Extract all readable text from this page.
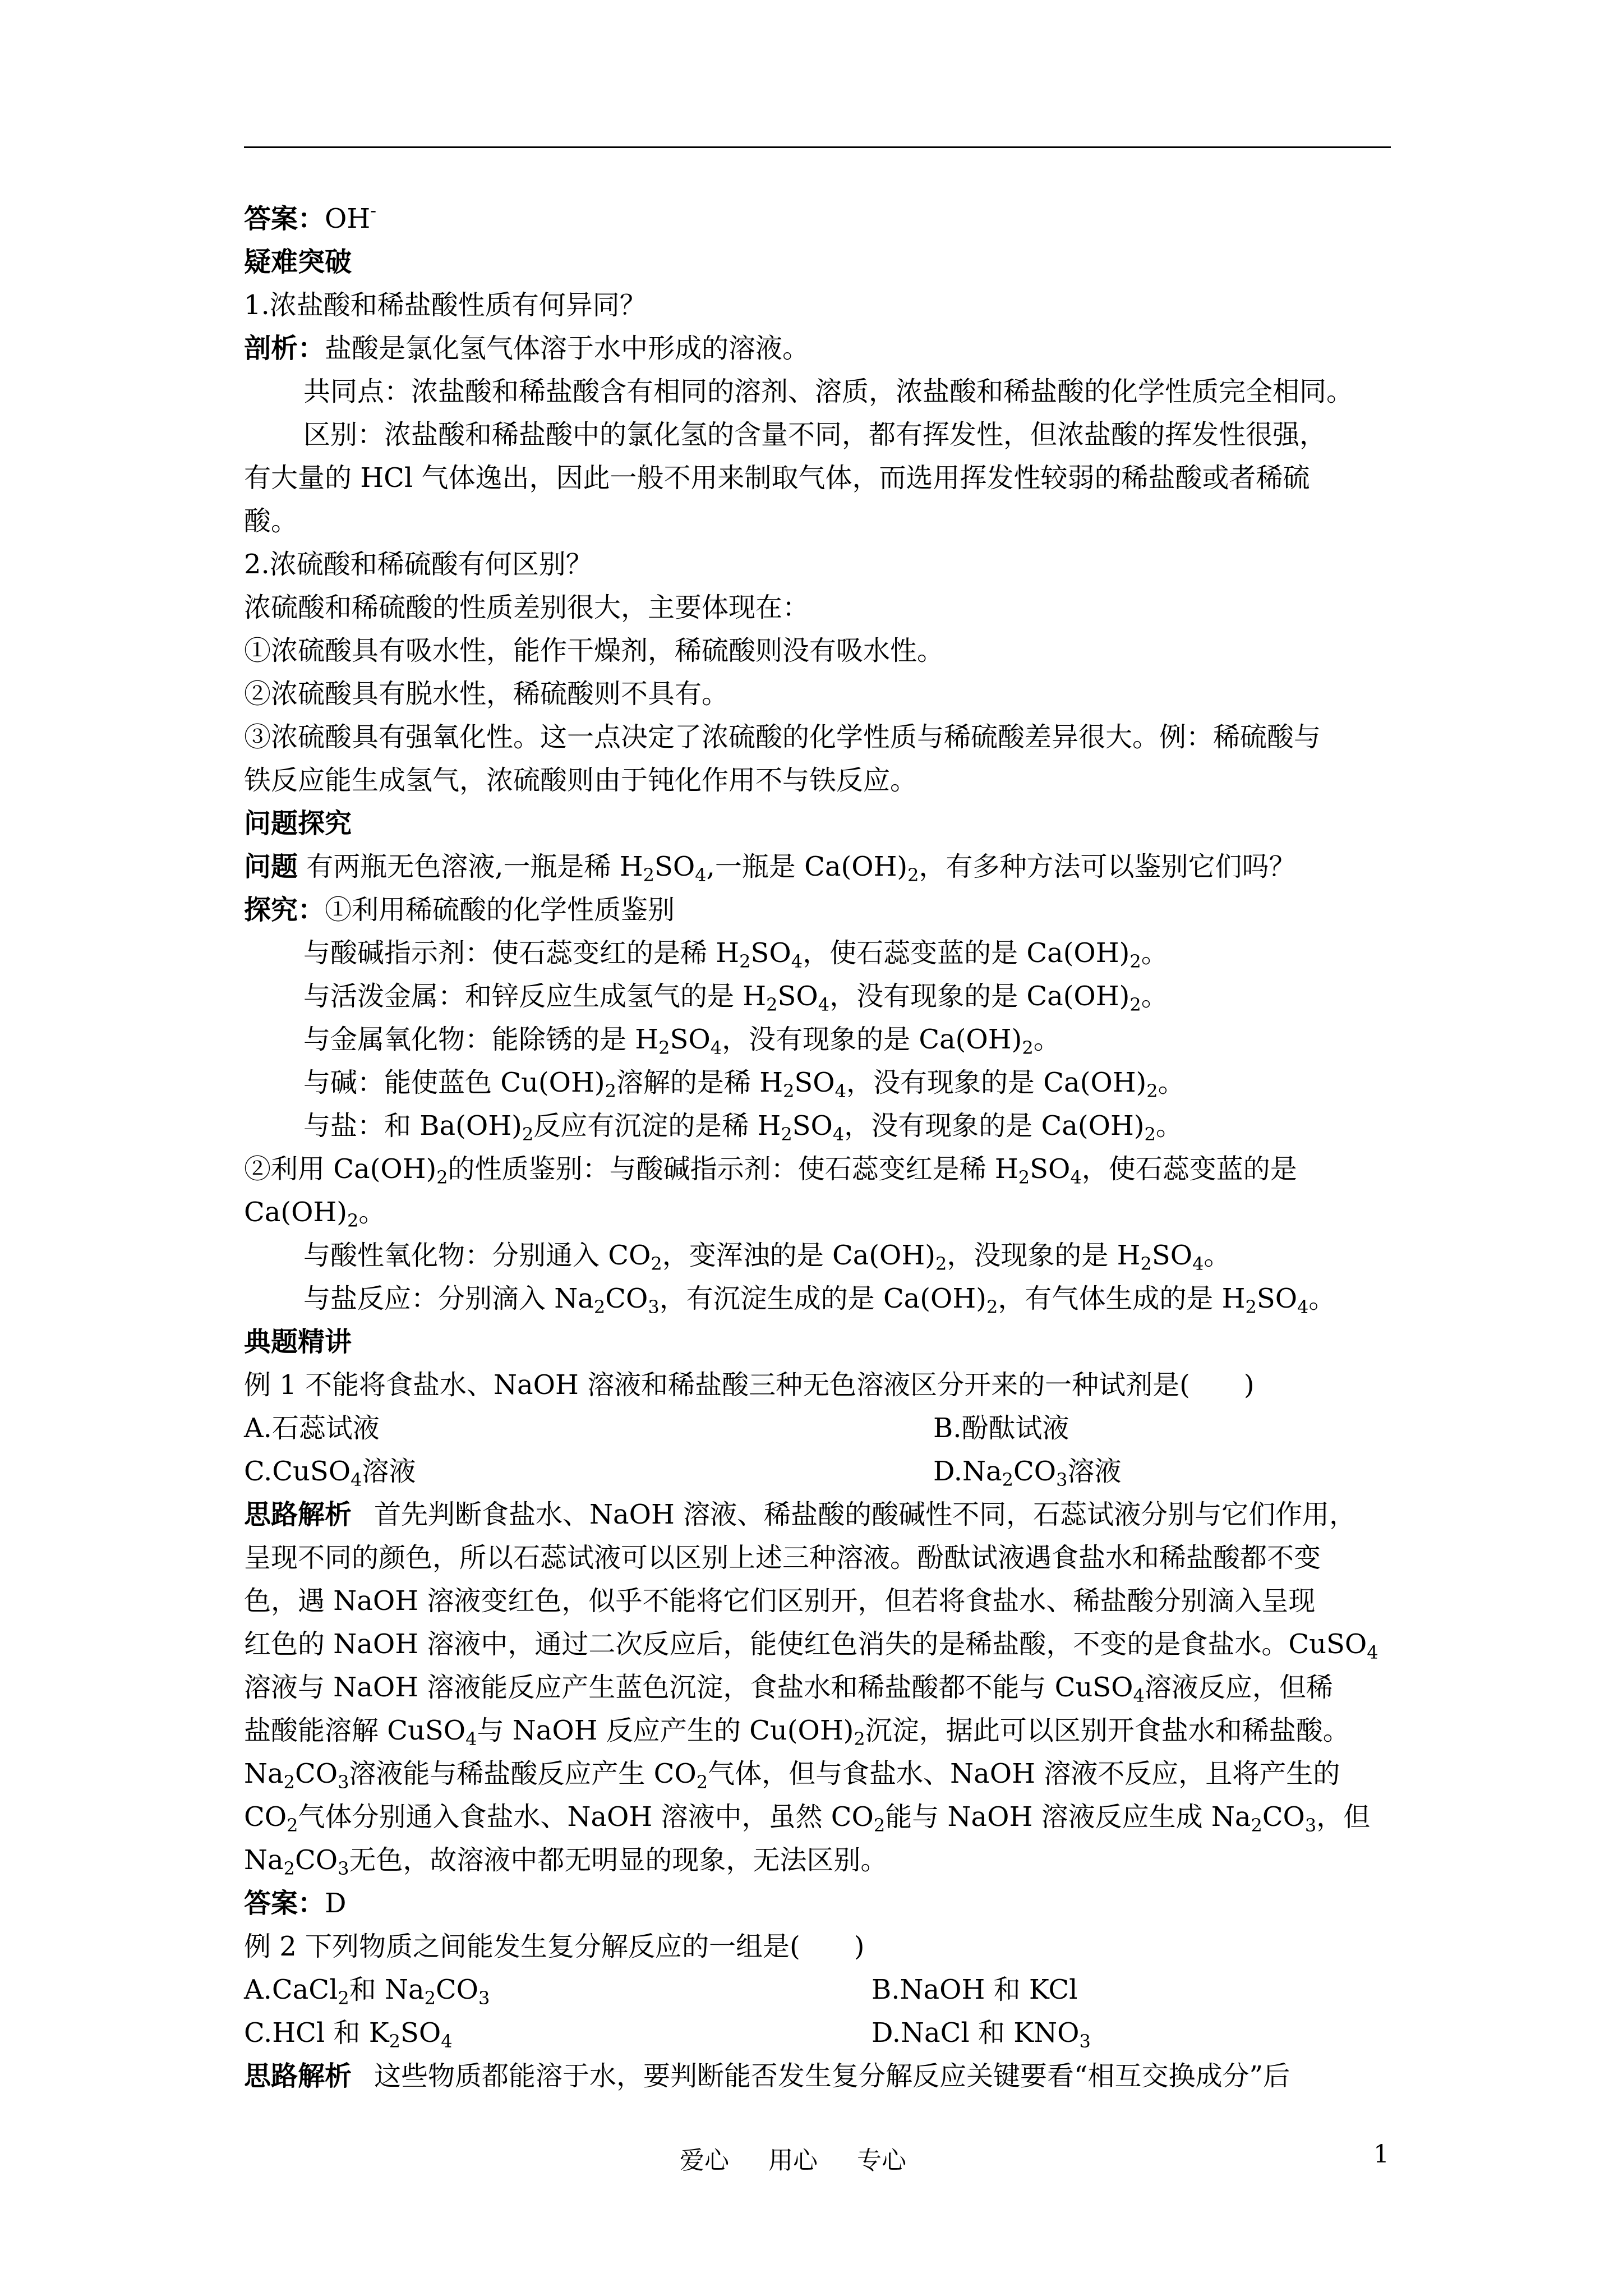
答案：OH-
疑难突破
1.浓盐酸和稀盐酸性质有何异同？
剖析：盐酸是氯化氢气体溶于水中形成的溶液。
共同点：浓盐酸和稀盐酸含有相同的溶剂、溶质，浓盐酸和稀盐酸的化学性质完全相同。
区别：浓盐酸和稀盐酸中的氯化氢的含量不同，都有挥发性，但浓盐酸的挥发性很强，
有大量的 HCl 气体逸出，因此一般不用来制取气体，而选用挥发性较弱的稀盐酸或者稀硫
酸。
2.浓硫酸和稀硫酸有何区别？
浓硫酸和稀硫酸的性质差别很大，主要体现在：
①浓硫酸具有吸水性，能作干燥剂，稀硫酸则没有吸水性。
②浓硫酸具有脱水性，稀硫酸则不具有。
③浓硫酸具有强氧化性。这一点决定了浓硫酸的化学性质与稀硫酸差异很大。例：稀硫酸与
铁反应能生成氢气，浓硫酸则由于钝化作用不与铁反应。
问题探究
问题 有两瓶无色溶液,一瓶是稀 $H_2SO_4$,一瓶是 $Ca(OH)_2$，有多种方法可以鉴别它们吗？
探究：①利用稀硫酸的化学性质鉴别
与酸碱指示剂：使石蕊变红的是稀 $H_2SO_4$，使石蕊变蓝的是 $Ca(OH)_2$。
与活泼金属：和锌反应生成氢气的是 $H_2SO_4$，没有现象的是 $Ca(OH)_2$。
与金属氧化物：能除锈的是 $H_2SO_4$，没有现象的是 $Ca(OH)_2$。
与碱：能使蓝色 $Cu(OH)_2$溶解的是稀 $H_2SO_4$，没有现象的是 $Ca(OH)_2$。
与盐：和 $Ba(OH)_2$反应有沉淀的是稀 $H_2SO_4$，没有现象的是 $Ca(OH)_2$。
②利用 $Ca(OH)_2$的性质鉴别：与酸碱指示剂：使石蕊变红是稀 $H_2SO_4$，使石蕊变蓝的是
$Ca(OH)_2$。
与酸性氧化物：分别通入 $CO_2$，变浑浊的是 $Ca(OH)_2$，没现象的是 $H_2SO_4$。
与盐反应：分别滴入 $Na_2CO_3$，有沉淀生成的是 $Ca(OH)_2$，有气体生成的是 $H_2SO_4$。
典题精讲
例 1 不能将食盐水、NaOH 溶液和稀盐酸三种无色溶液区分开来的一种试剂是(　　)
A.石蕊试液	B.酚酞试液
C.CuSO$_4$溶液	$D.Na_2CO_3$溶液
思路解析 首先判断食盐水、NaOH 溶液、稀盐酸的酸碱性不同，石蕊试液分别与它们作用，
呈现不同的颜色，所以石蕊试液可以区别上述三种溶液。酚酞试液遇食盐水和稀盐酸都不变
色，遇 NaOH 溶液变红色，似乎不能将它们区别开，但若将食盐水、稀盐酸分别滴入呈现
红色的 NaOH 溶液中，通过二次反应后，能使红色消失的是稀盐酸，不变的是食盐水。CuSO$_4$
溶液与 NaOH 溶液能反应产生蓝色沉淀，食盐水和稀盐酸都不能与 CuSO$_4$溶液反应，但稀
盐酸能溶解 CuSO$_4$与 NaOH 反应产生的 $Cu(OH)_2$沉淀，据此可以区别开食盐水和稀盐酸。
$Na_2CO_3$溶液能与稀盐酸反应产生 $CO_2$气体，但与食盐水、NaOH 溶液不反应，且将产生的
$CO_2$气体分别通入食盐水、NaOH 溶液中，虽然 $CO_2$能与 NaOH 溶液反应生成 $Na_2CO_3$，但
$Na_2CO_3$无色，故溶液中都无明显的现象，无法区别。
答案：D
例 2 下列物质之间能发生复分解反应的一组是(　　)
A.CaCl$_2$和 $Na_2CO_3$	B.NaOH 和 KCl
C.HCl 和 $K_2SO_4$	D.NaCl 和 $KNO_3$
思路解析 这些物质都能溶于水，要判断能否发生复分解反应关键要看“相互交换成分”后
爱心 用心 专心	1
